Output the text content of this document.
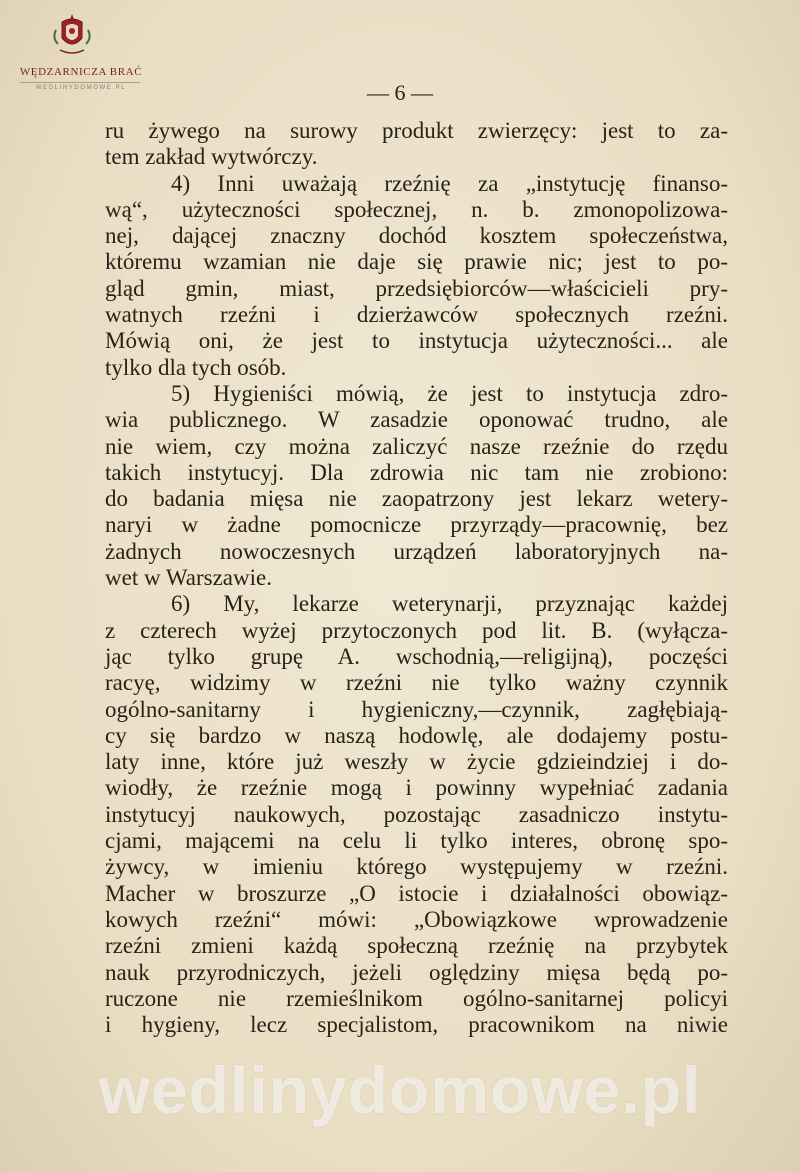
WĘDZARNICZA BRAĆ
WEDLINYDOMOWE.PL	— 6 —
ru żywego na surowy produkt zwierzęcy: jest to za-
tem zakład wytwórczy.
4) Inni uważają rzeźnię za „instytucję finanso-
wą“, użyteczności społecznej, n. b. zmonopolizowa-
nej, dającej znaczny dochód kosztem społeczeństwa,
któremu wzamian nie daje się prawie nic; jest to po-
gląd gmin, miast, przedsiębiorców—właścicieli pry-
watnych rzeźni i dzierżawców społecznych rzeźni.
Mówią oni, że jest to instytucja użyteczności... ale
tylko dla tych osób.
5) Hygieniści mówią, że jest to instytucja zdro-
wia publicznego. W zasadzie oponować trudno, ale
nie wiem, czy można zaliczyć nasze rzeźnie do rzędu
takich instytucyj. Dla zdrowia nic tam nie zrobiono:
do badania mięsa nie zaopatrzony jest lekarz wetery-
naryi w żadne pomocnicze przyrządy—pracownię, bez
żadnych nowoczesnych urządzeń laboratoryjnych na-
wet w Warszawie.
6) My, lekarze weterynarji, przyznając każdej
z czterech wyżej przytoczonych pod lit. B. (wyłącza-
jąc tylko grupę A. wschodnią,—religijną), poczęści
racyę, widzimy w rzeźni nie tylko ważny czynnik
ogólno-sanitarny i hygieniczny,—czynnik, zagłębiają-
cy się bardzo w naszą hodowlę, ale dodajemy postu-
laty inne, które już weszły w życie gdzieindziej i do-
wiodły, że rzeźnie mogą i powinny wypełniać zadania
instytucyj naukowych, pozostając zasadniczo instytu-
cjami, mającemi na celu li tylko interes, obronę spo-
żywcy, w imieniu którego występujemy w rzeźni.
Macher w broszurze „O istocie i działalności obowiąz-
kowych rzeźni“ mówi: „Obowiązkowe wprowadzenie
rzeźni zmieni każdą społeczną rzeźnię na przybytek
nauk przyrodniczych, jeżeli oględziny mięsa będą po-
ruczone nie rzemieślnikom ogólno-sanitarnej policyi
i hygieny, lecz specjalistom, pracownikom na niwie
wedlinydomowe.pl
